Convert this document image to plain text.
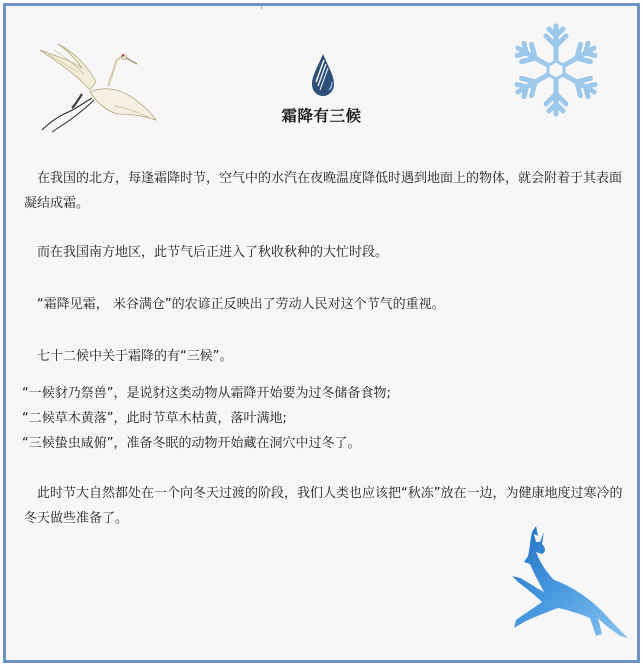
霜降有三候

　在我国的北方，每逢霜降时节，空气中的水汽在夜晚温度降低时遇到地面上的物体，就会附着于其表面凝结成霜。

　而在我国南方地区，此节气后正进入了秋收秋种的大忙时段。

　“霜降见霜， 米谷满仓”的农谚正反映出了劳动人民对这个节气的重视。

　七十二候中关于霜降的有“三候”。

“一候豺乃祭兽”，是说豺这类动物从霜降开始要为过冬储备食物;

“二候草木黄落”，此时节草木枯黄，落叶满地;

“三候蛰虫咸俯”，准备冬眠的动物开始藏在洞穴中过冬了。

　此时节大自然都处在一个向冬天过渡的阶段，我们人类也应该把“秋冻”放在一边，为健康地度过寒冷的冬天做些准备了。
